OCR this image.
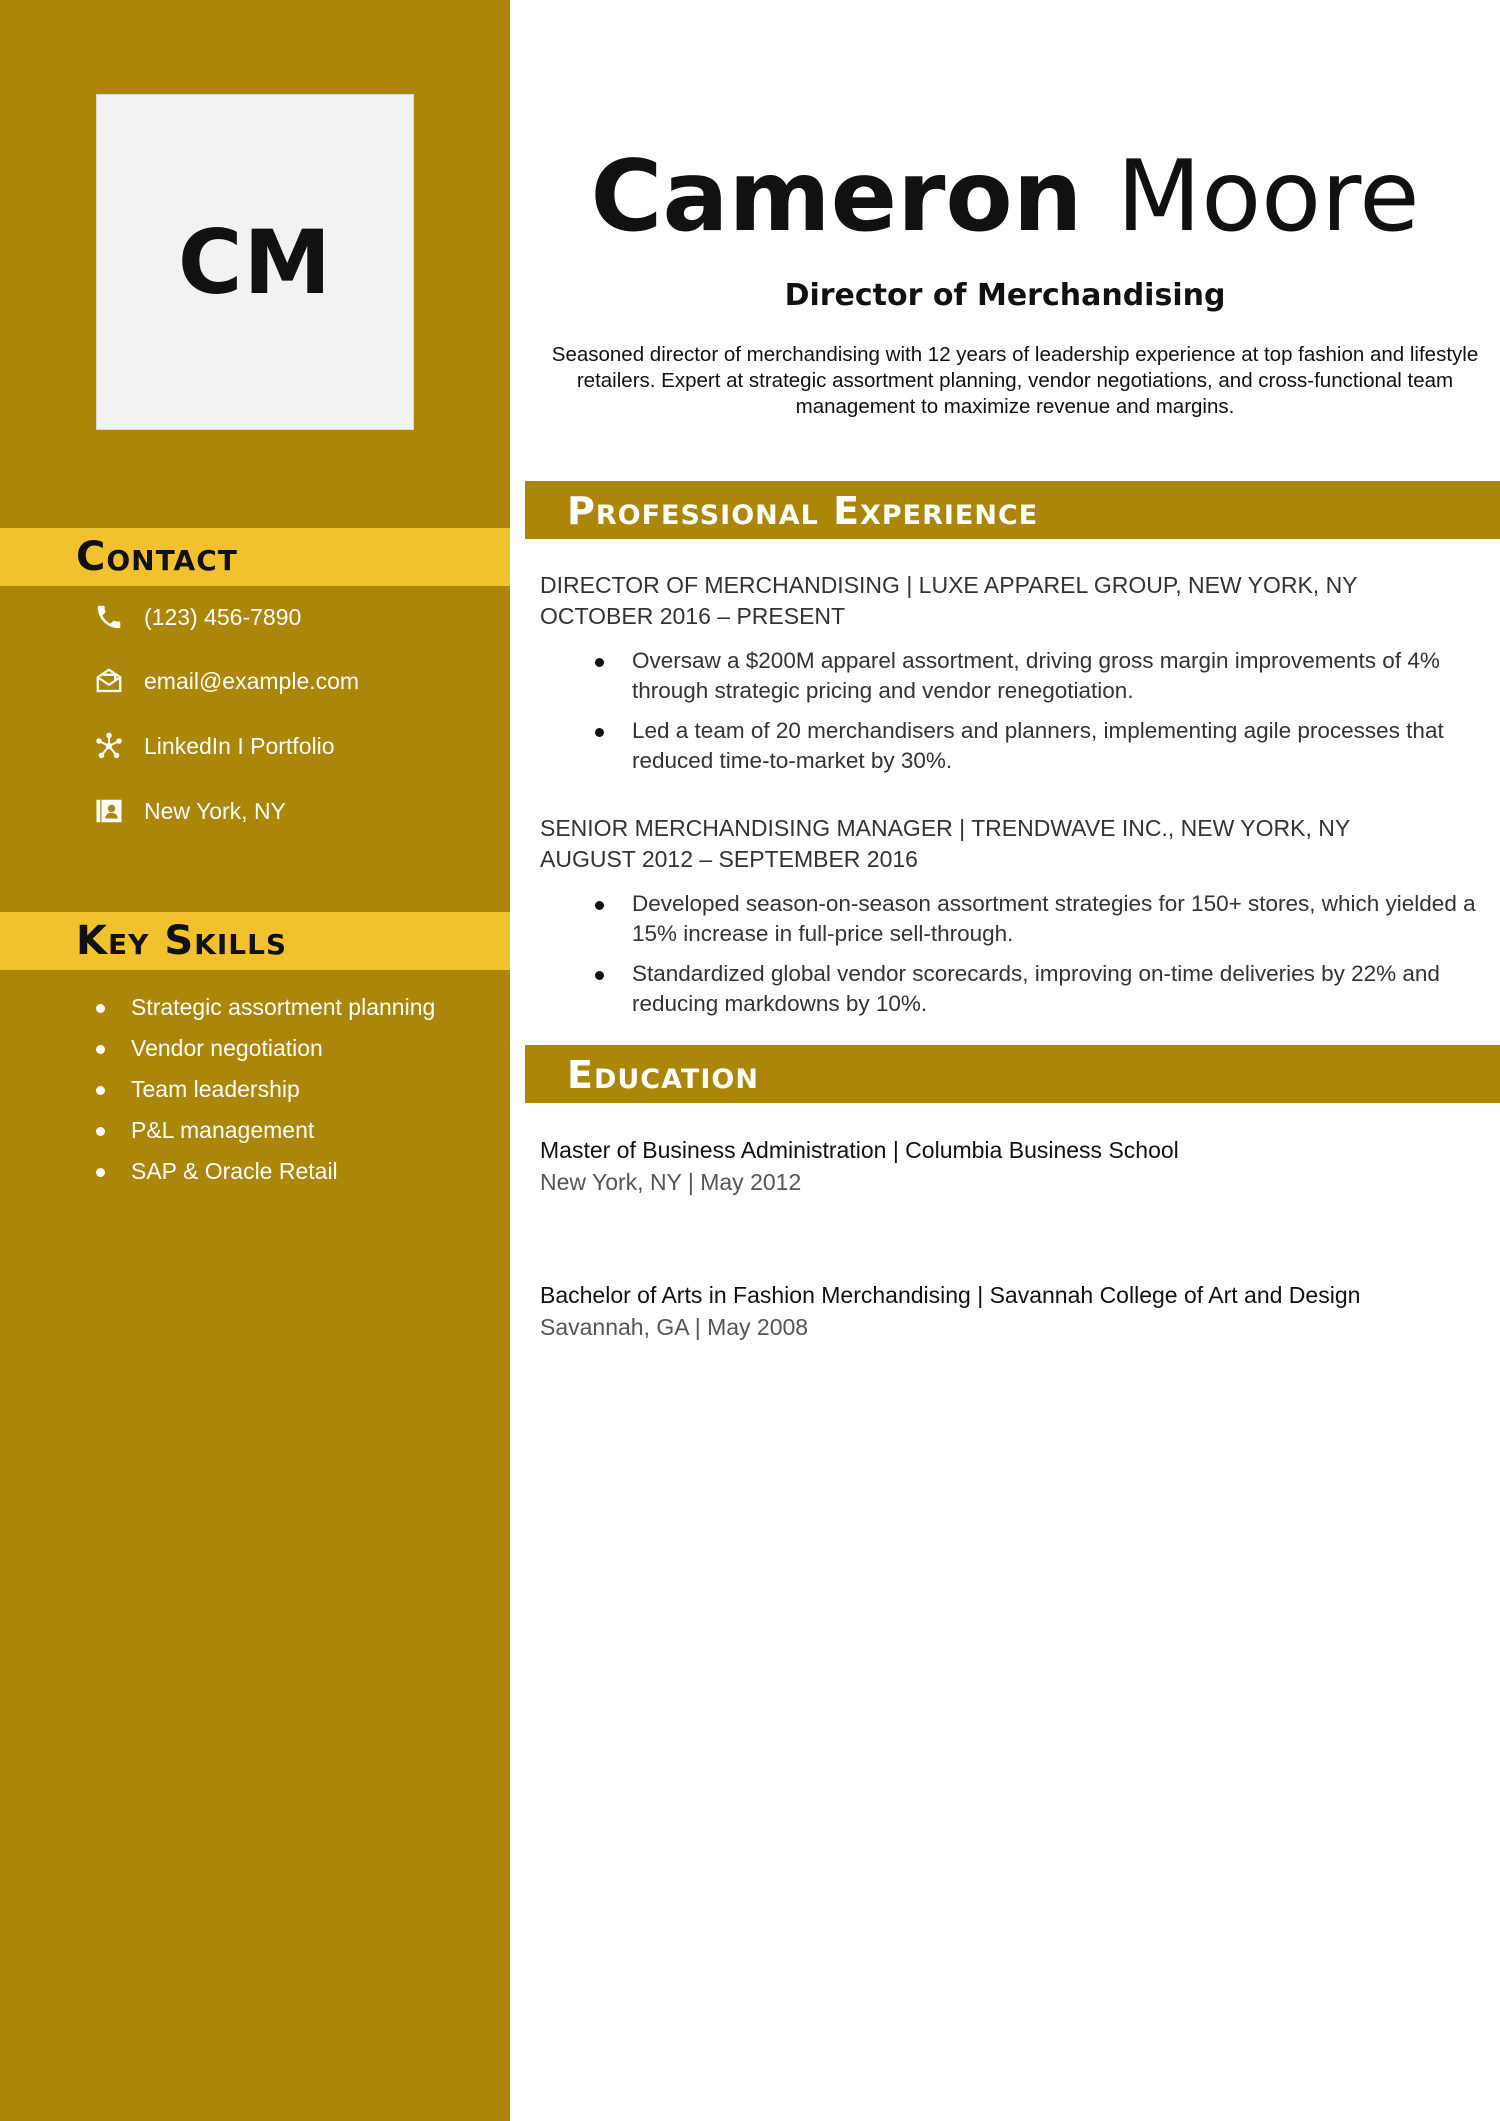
CM
Contact
(123) 456-7890
email@example.com
LinkedIn I Portfolio
New York, NY
Key Skills
Strategic assortment planning
Vendor negotiation
Team leadership
P&L management
SAP & Oracle Retail
Cameron Moore
Director of Merchandising

Seasoned director of merchandising with 12 years of leadership experience at top fashion and lifestyle retailers. Expert at strategic assortment planning, vendor negotiations, and cross-functional team management to maximize revenue and margins.

Professional Experience
DIRECTOR OF MERCHANDISING | LUXE APPAREL GROUP, NEW YORK, NY
OCTOBER 2016 – PRESENT
Oversaw a $200M apparel assortment, driving gross margin improvements of 4% through strategic pricing and vendor renegotiation.
Led a team of 20 merchandisers and planners, implementing agile processes that reduced time-to-market by 30%.
SENIOR MERCHANDISING MANAGER | TRENDWAVE INC., NEW YORK, NY
AUGUST 2012 – SEPTEMBER 2016
Developed season-on-season assortment strategies for 150+ stores, which yielded a 15% increase in full-price sell-through.
Standardized global vendor scorecards, improving on-time deliveries by 22% and reducing markdowns by 10%.
Education
Master of Business Administration | Columbia Business School
New York, NY | May 2012
Bachelor of Arts in Fashion Merchandising | Savannah College of Art and Design
Savannah, GA | May 2008
